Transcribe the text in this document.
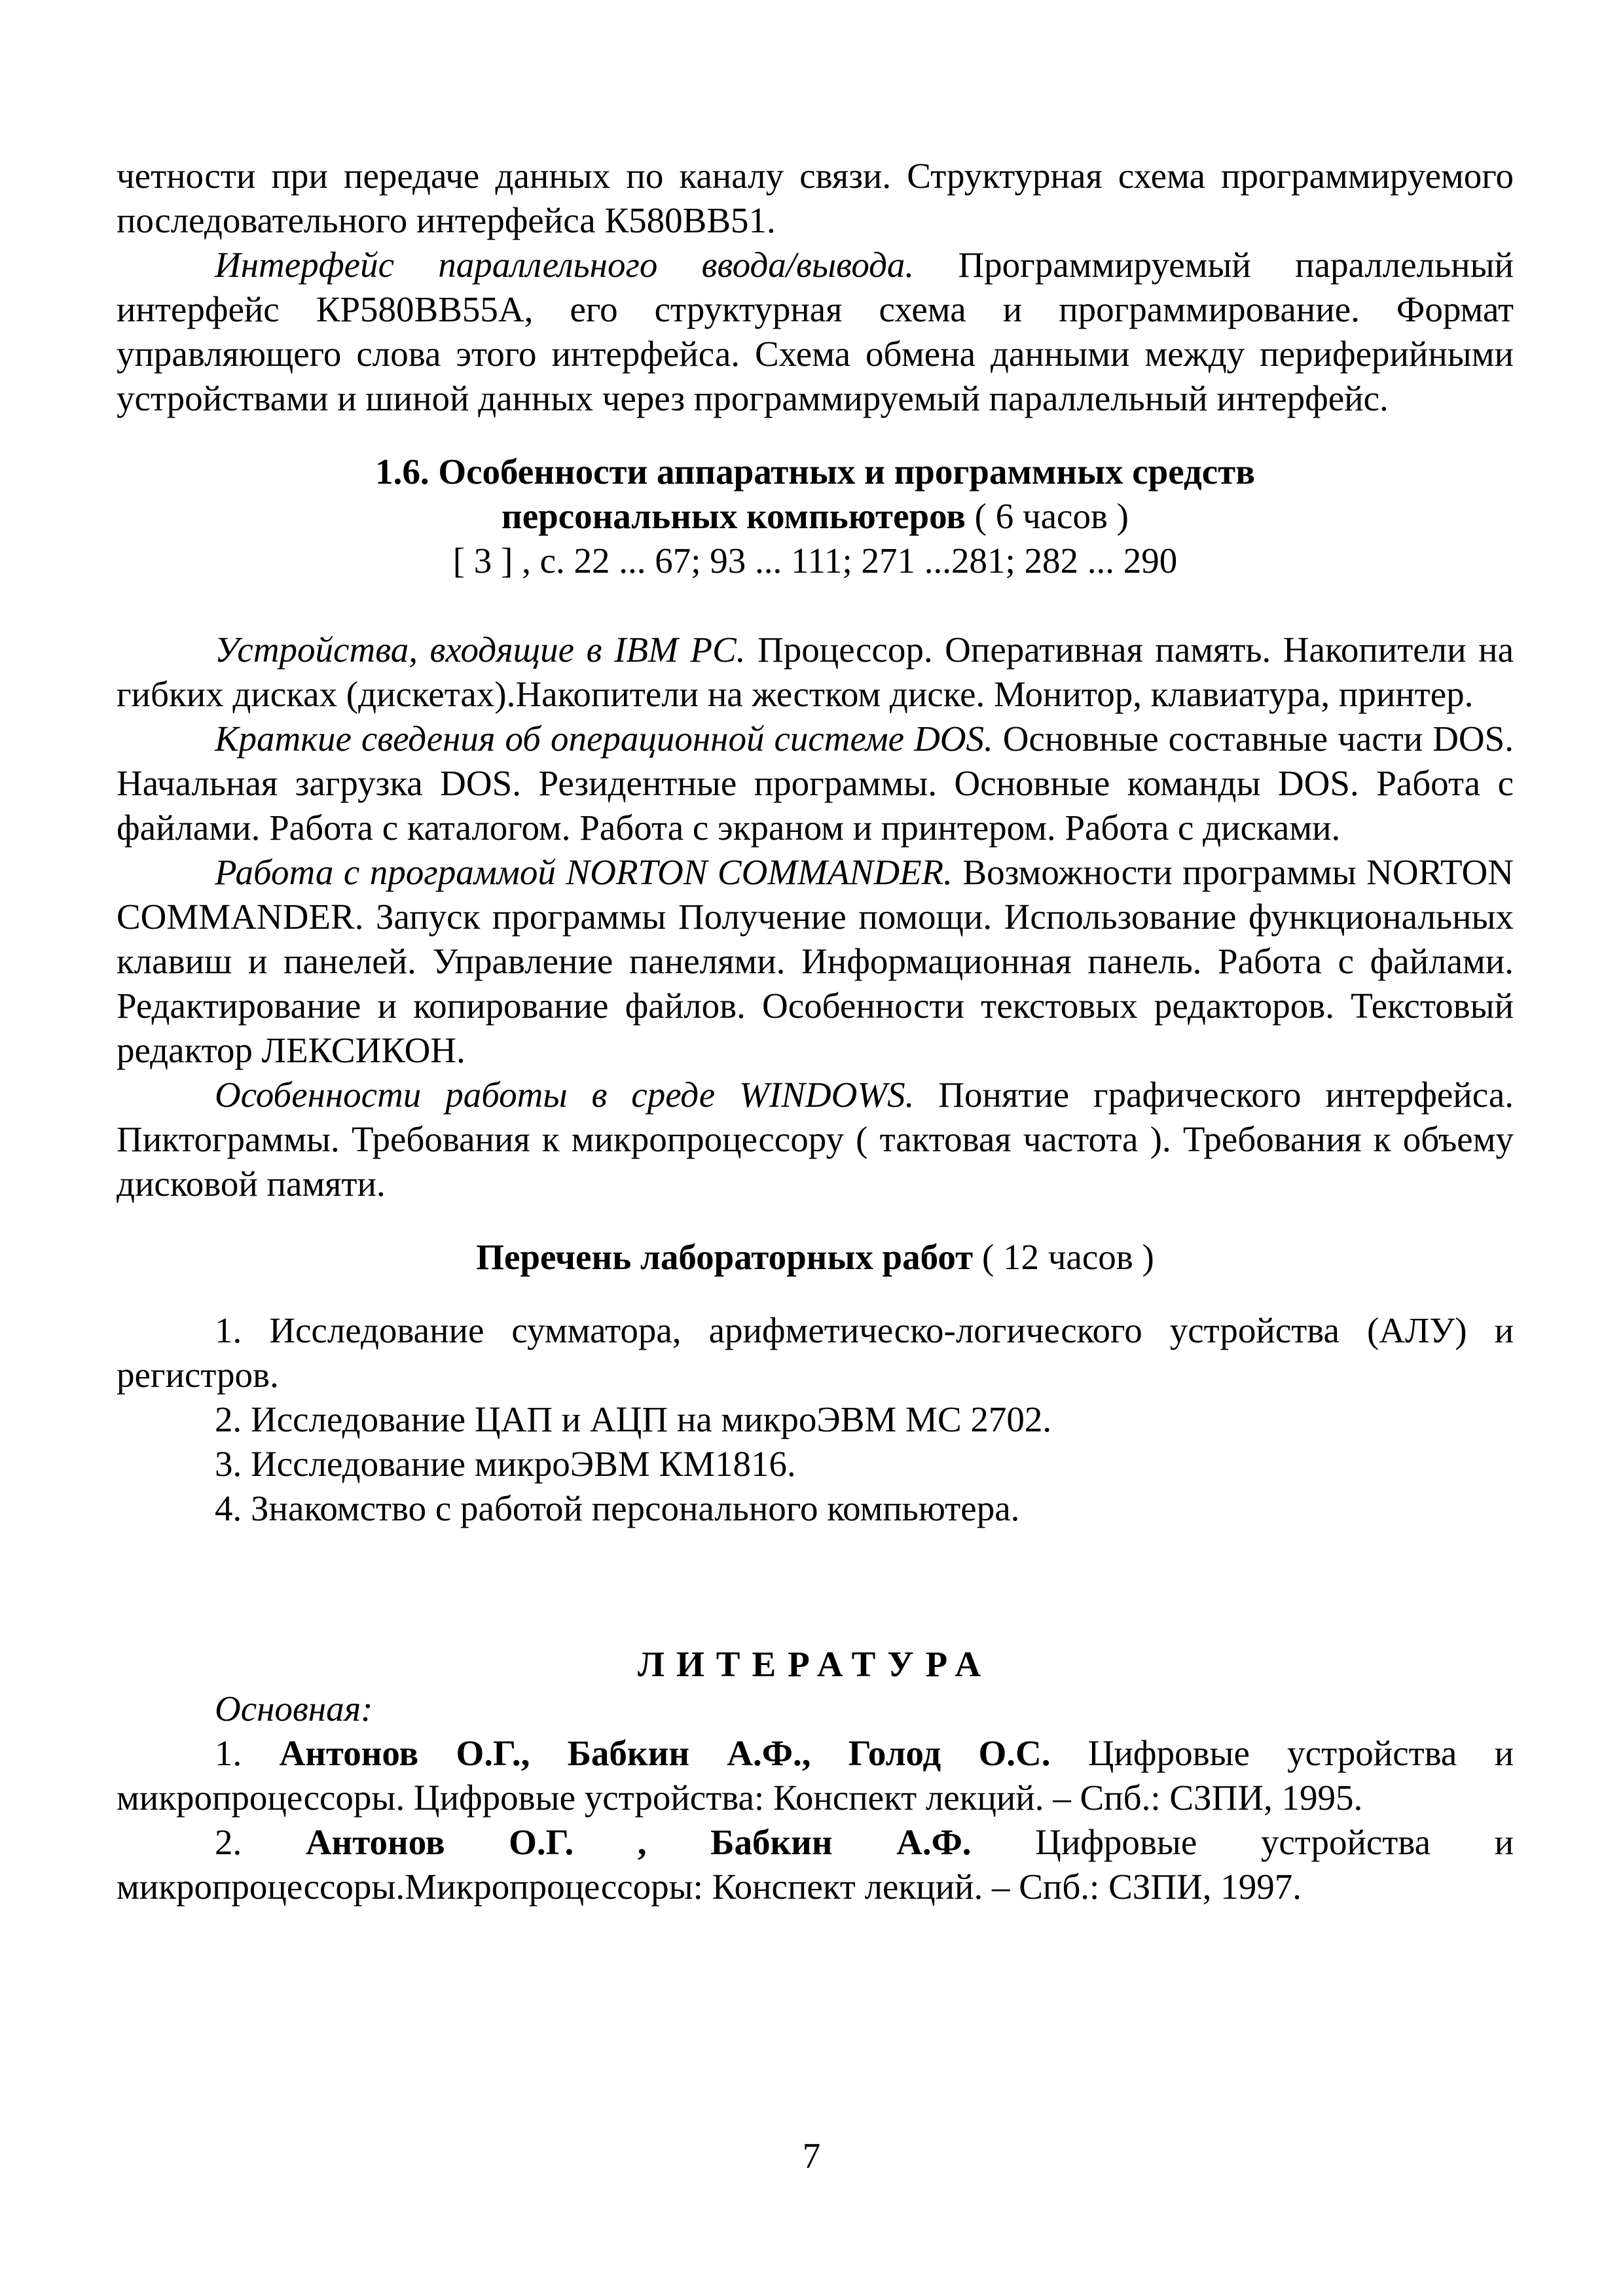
четности при передаче данных по каналу связи. Структурная схема программируемого последовательного интерфейса К580ВВ51.

Интерфейс параллельного ввода/вывода. Программируемый параллельный интерфейс КР580ВВ55А, его структурная схема и программирование. Формат управляющего слова этого интерфейса. Схема обмена данными между периферийными устройствами и шиной данных через программируемый параллельный интерфейс.

1.6. Особенности аппаратных и программных средств

персональных компьютеров ( 6 часов )

[ 3 ] , с. 22 ... 67; 93 ... 111; 271 ...281; 282 ... 290

Устройства, входящие в IBM PC. Процессор. Оперативная память. Накопители на гибких дисках (дискетах).Накопители на жестком диске. Монитор, клавиатура, принтер.

Краткие сведения об операционной системе DOS. Основные составные части DOS. Начальная загрузка DOS. Резидентные программы. Основные команды DOS. Работа с файлами. Работа с каталогом. Работа с экраном и принтером. Работа с дисками.

Работа с программой NORTON COMMANDER. Возможности программы NORTON COMMANDER. Запуск программы Получение помощи. Использование функциональных клавиш и панелей. Управление панелями. Информационная панель. Работа с файлами. Редактирование и копирование файлов. Особенности текстовых редакторов. Текстовый редактор ЛЕКСИКОН.

Особенности работы в среде WINDOWS. Понятие графического интерфейса. Пиктограммы. Требования к микропроцессору ( тактовая частота ). Требования к объему дисковой памяти.

Перечень лабораторных работ ( 12 часов )

1. Исследование сумматора, арифметическо-логического устройства (АЛУ) и регистров.

2. Исследование ЦАП и АЦП на микроЭВМ МС 2702.

3. Исследование микроЭВМ КМ1816.

4. Знакомство с работой персонального компьютера.

ЛИТЕРАТУРА

Основная:

1. Антонов О.Г., Бабкин А.Ф., Голод О.С. Цифровые устройства и микропроцессоры. Цифровые устройства: Конспект лекций. – Спб.: СЗПИ, 1995.

2. Антонов О.Г. , Бабкин А.Ф. Цифровые устройства и микропроцессоры.Микропроцессоры: Конспект лекций. – Спб.: СЗПИ, 1997.

7
